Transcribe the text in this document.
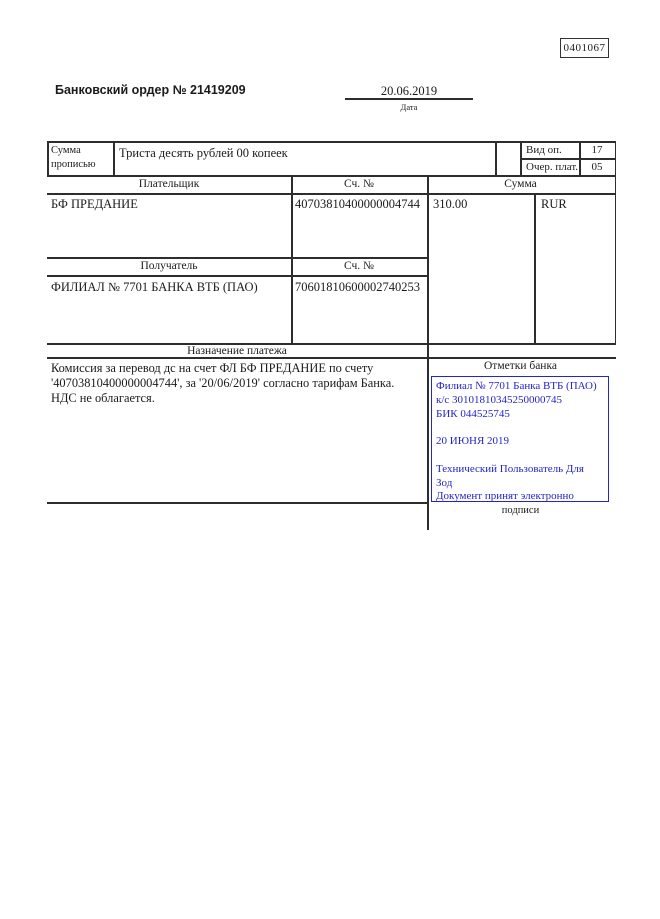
0401067
Банковский ордер № 21419209	20.06.2019
Дата
Сумма прописью
Триста десять рублей 00 копеек	Вид оп.	17
Очер. плат.	05
Плательщик	Сч. №	Сумма
БФ ПРЕДАНИЕ	40703810400000004744 310.00	RUR
Получатель	Сч. №
ФИЛИАЛ № 7701 БАНКА ВТБ (ПАО)	70601810600002740253
Назначение платежа
Комиссия за перевод дс на счет ФЛ БФ ПРЕДАНИЕ по счету
'40703810400000004744', за '20/06/2019' согласно тарифам Банка.
НДС не облагается.
Отметки банка
Филиал № 7701 Банка ВТБ (ПАО)
к/с 30101810345250000745
БИК 044525745
20 ИЮНЯ 2019
Технический Пользователь Для
Зод
Документ принят электронно
подписи
